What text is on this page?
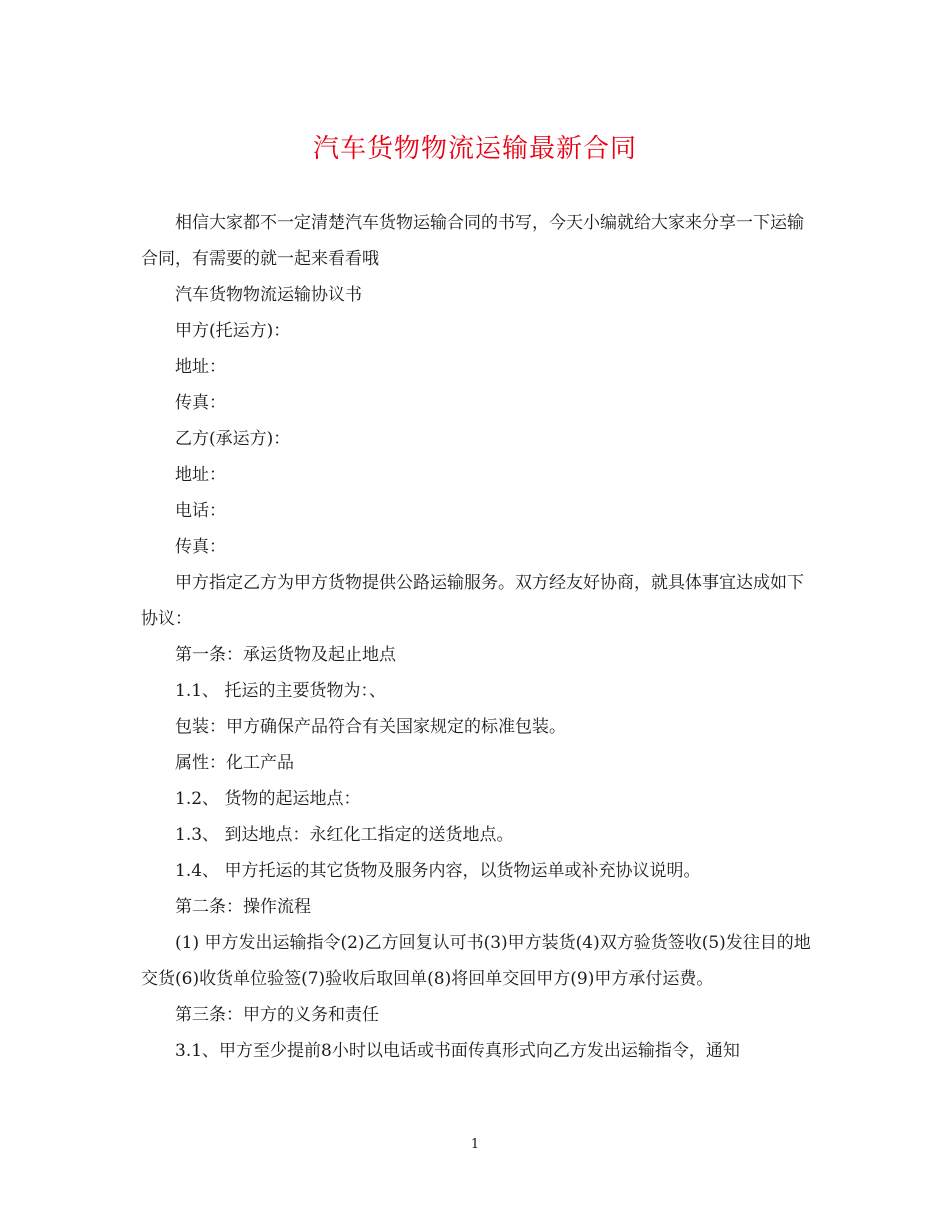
汽车货物物流运输最新合同

相信大家都不一定清楚汽车货物运输合同的书写，今天小编就给大家来分享一下运输合同，有需要的就一起来看看哦

汽车货物物流运输协议书

甲方(托运方)：

地址：

传真：

乙方(承运方)：

地址：

电话：

传真：

甲方指定乙方为甲方货物提供公路运输服务。双方经友好协商，就具体事宜达成如下协议：

第一条：承运货物及起止地点

1.1、 托运的主要货物为：、

包装：甲方确保产品符合有关国家规定的标准包装。

属性：化工产品

1.2、 货物的起运地点：

1.3、 到达地点：永红化工指定的送货地点。

1.4、 甲方托运的其它货物及服务内容，以货物运单或补充协议说明。

第二条：操作流程

(1) 甲方发出运输指令(2)乙方回复认可书(3)甲方装货(4)双方验货签收(5)发往目的地交货(6)收货单位验签(7)验收后取回单(8)将回单交回甲方(9)甲方承付运费。

第三条：甲方的义务和责任

3.1、甲方至少提前8小时以电话或书面传真形式向乙方发出运输指令，通知

1
